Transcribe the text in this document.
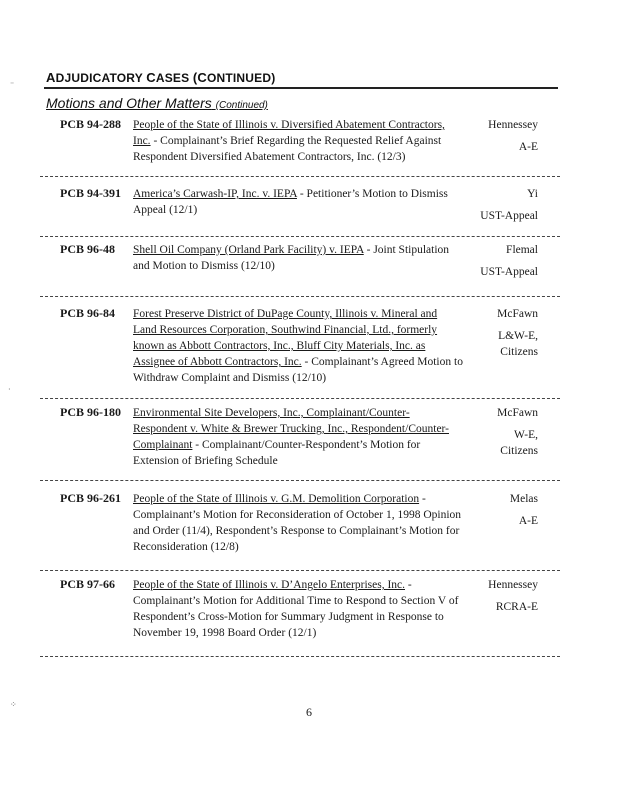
ADJUDICATORY CASES (CONTINUED)
Motions and Other Matters (Continued)
PCB 94-288	People of the State of Illinois v. Diversified Abatement Contractors, Inc. - Complainant’s Brief Regarding the Requested Relief Against Respondent Diversified Abatement Contractors, Inc. (12/3)
Hennessey
A-E
PCB 94-391	America’s Carwash-IP, Inc. v. IEPA - Petitioner’s Motion to Dismiss Appeal (12/1)
Yi
UST-Appeal
PCB 96-48	Shell Oil Company (Orland Park Facility) v. IEPA - Joint Stipulation and Motion to Dismiss (12/10)
Flemal
UST-Appeal
PCB 96-84	Forest Preserve District of DuPage County, Illinois v. Mineral and Land Resources Corporation, Southwind Financial, Ltd., formerly known as Abbott Contractors, Inc., Bluff City Materials, Inc. as Assignee of Abbott Contractors, Inc. - Complainant’s Agreed Motion to Withdraw Complaint and Dismiss (12/10)
McFawn
L&W-E,
Citizens
PCB 96-180	Environmental Site Developers, Inc., Complainant/Counter-Respondent v. White & Brewer Trucking, Inc., Respondent/Counter-Complainant - Complainant/Counter-Respondent’s Motion for Extension of Briefing Schedule
McFawn
W-E,
Citizens
PCB 96-261	People of the State of Illinois v. G.M. Demolition Corporation - Complainant’s Motion for Reconsideration of October 1, 1998 Opinion and Order (11/4), Respondent’s Response to Complainant’s Motion for Reconsideration (12/8)
Melas
A-E
PCB 97-66	People of the State of Illinois v. D’Angelo Enterprises, Inc. - Complainant’s Motion for Additional Time to Respond to Section V of Respondent’s Cross-Motion for Summary Judgment in Response to November 19, 1998 Board Order (12/1)
Hennessey
RCRA-E
6
⁻
·
⁘
